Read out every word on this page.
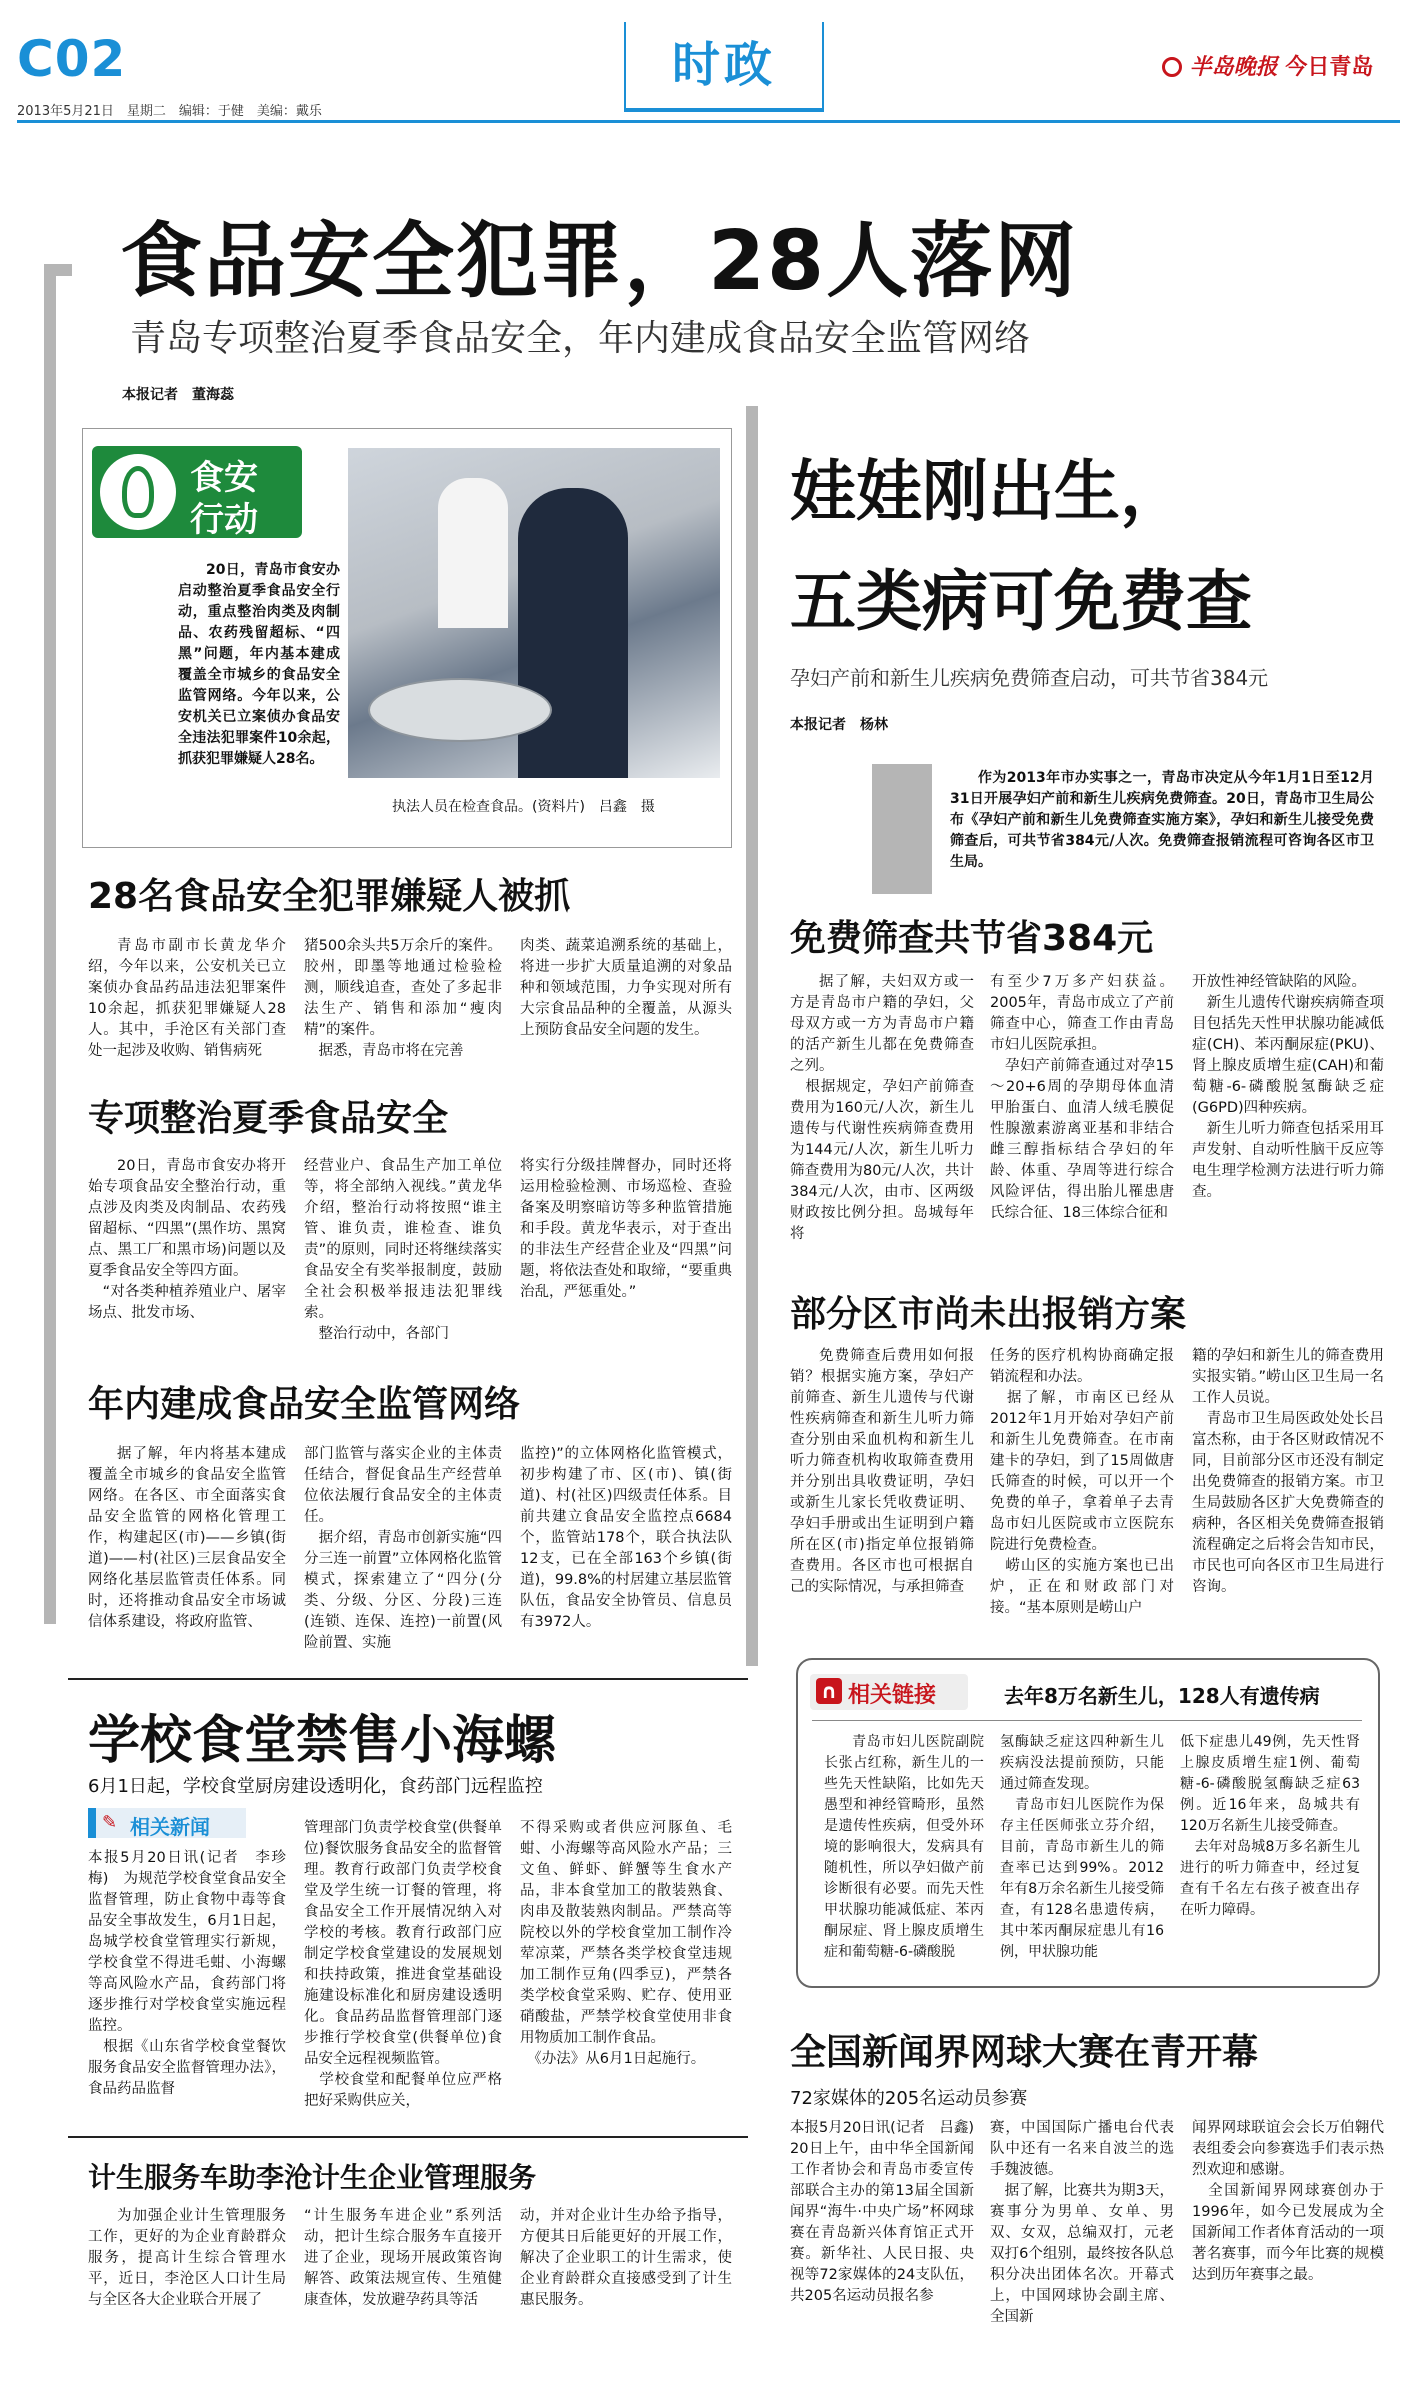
C02
2013年5月21日　星期二　编辑：于健　美编：戴乐
时政	半岛晚报 今日青岛
食品安全犯罪，28人落网
青岛专项整治夏季食品安全，年内建成食品安全监管网络
本报记者　董海蕊
食安
行动
20日，青岛市食安办启动整治夏季食品安全行动，重点整治肉类及肉制品、农药残留超标、“四黑”问题，年内基本建成覆盖全市城乡的食品安全监管网络。今年以来，公安机关已立案侦办食品安全违法犯罪案件10余起，抓获犯罪嫌疑人28名。
执法人员在检查食品。(资料片)　吕鑫　摄
28名食品安全犯罪嫌疑人被抓
青岛市副市长黄龙华介绍，今年以来，公安机关已立案侦办食品药品违法犯罪案件10余起，抓获犯罪嫌疑人28人。其中，手沧区有关部门查处一起涉及收购、销售病死
猪500余头共5万余斤的案件。胶州，即墨等地通过检验检测，顺线追查，查处了多起非法生产、销售和添加“瘦肉精”的案件。
　据悉，青岛市将在完善
肉类、蔬菜追溯系统的基础上，将进一步扩大质量追溯的对象品种和领域范围，力争实现对所有大宗食品品种的全覆盖，从源头上预防食品安全问题的发生。
专项整治夏季食品安全
20日，青岛市食安办将开始专项食品安全整治行动，重点涉及肉类及肉制品、农药残留超标、“四黑”(黑作坊、黑窝点、黑工厂和黑市场)问题以及夏季食品安全等四方面。
　“对各类种植养殖业户、屠宰场点、批发市场、
经营业户、食品生产加工单位等，将全部纳入视线。”黄龙华介绍，整治行动将按照“谁主管、谁负责，谁检查、谁负责”的原则，同时还将继续落实食品安全有奖举报制度，鼓励全社会积极举报违法犯罪线索。
　整治行动中，各部门
将实行分级挂牌督办，同时还将运用检验检测、市场巡检、查验备案及明察暗访等多种监管措施和手段。黄龙华表示，对于查出的非法生产经营企业及“四黑”问题，将依法查处和取缔，“要重典治乱，严惩重处。”
年内建成食品安全监管网络
据了解，年内将基本建成覆盖全市城乡的食品安全监管网络。在各区、市全面落实食品安全监管的网格化管理工作，构建起区(市)——乡镇(街道)——村(社区)三层食品安全网络化基层监管责任体系。同时，还将推动食品安全市场诚信体系建设，将政府监管、
部门监管与落实企业的主体责任结合，督促食品生产经营单位依法履行食品安全的主体责任。
　据介绍，青岛市创新实施“四分三连一前置”立体网格化监管模式，探索建立了“四分(分类、分级、分区、分段)三连(连锁、连保、连控)一前置(风险前置、实施
监控)”的立体网格化监管模式，初步构建了市、区(市)、镇(街道)、村(社区)四级责任体系。目前共建立食品安全监控点6684个，监管站178个，联合执法队12支，已在全部163个乡镇(街道)，99.8%的村居建立基层监管队伍，食品安全协管员、信息员有3972人。
学校食堂禁售小海螺
6月1日起，学校食堂厨房建设透明化，食药部门远程监控
✎ 相关新闻
本报5月20日讯(记者　李珍梅)　为规范学校食堂食品安全监督管理，防止食物中毒等食品安全事故发生，6月1日起，岛城学校食堂管理实行新规，学校食堂不得进毛蚶、小海螺等高风险水产品，食药部门将逐步推行对学校食堂实施远程监控。
　根据《山东省学校食堂餐饮服务食品安全监督管理办法》，食品药品监督
管理部门负责学校食堂(供餐单位)餐饮服务食品安全的监督管理。教育行政部门负责学校食堂及学生统一订餐的管理，将食品安全工作开展情况纳入对学校的考核。教育行政部门应制定学校食堂建设的发展规划和扶持政策，推进食堂基础设施建设标准化和厨房建设透明化。食品药品监督管理部门逐步推行学校食堂(供餐单位)食品安全远程视频监管。
　学校食堂和配餐单位应严格把好采购供应关，
不得采购或者供应河豚鱼、毛蚶、小海螺等高风险水产品；三文鱼、鲜虾、鲜蟹等生食水产品，非本食堂加工的散装熟食、肉串及散装熟肉制品。严禁高等院校以外的学校食堂加工制作冷荤凉菜，严禁各类学校食堂违规加工制作豆角(四季豆)，严禁各类学校食堂采购、贮存、使用亚硝酸盐，严禁学校食堂使用非食用物质加工制作食品。
　《办法》从6月1日起施行。
计生服务车助李沧计生企业管理服务
为加强企业计生管理服务工作，更好的为企业育龄群众服务，提高计生综合管理水平，近日，李沧区人口计生局与全区各大企业联合开展了
“计生服务车进企业”系列活动，把计生综合服务车直接开进了企业，现场开展政策咨询解答、政策法规宣传、生殖健康查体，发放避孕药具等活
动，并对企业计生办给予指导，方便其日后能更好的开展工作，解决了企业职工的计生需求，使企业育龄群众直接感受到了计生惠民服务。
娃娃刚出生，
五类病可免费查
孕妇产前和新生儿疾病免费筛查启动，可共节省384元
本报记者　杨林
作为2013年市办实事之一，青岛市决定从今年1月1日至12月31日开展孕妇产前和新生儿疾病免费筛查。20日，青岛市卫生局公布《孕妇产前和新生儿免费筛查实施方案》，孕妇和新生儿接受免费筛查后，可共节省384元/人次。免费筛查报销流程可咨询各区市卫生局。
免费筛查共节省384元
据了解，夫妇双方或一方是青岛市户籍的孕妇，父母双方或一方为青岛市户籍的活产新生儿都在免费筛查之列。
　根据规定，孕妇产前筛查费用为160元/人次，新生儿遗传与代谢性疾病筛查费用为144元/人次，新生儿听力筛查费用为80元/人次，共计384元/人次，由市、区两级财政按比例分担。岛城每年将
有至少7万多产妇获益。2005年，青岛市成立了产前筛查中心，筛查工作由青岛市妇儿医院承担。
　孕妇产前筛查通过对孕15～20+6周的孕期母体血清甲胎蛋白、血清人绒毛膜促性腺激素游离亚基和非结合雌三醇指标结合孕妇的年龄、体重、孕周等进行综合风险评估，得出胎儿罹患唐氏综合征、18三体综合征和
开放性神经管缺陷的风险。
　新生儿遗传代谢疾病筛查项目包括先天性甲状腺功能减低症(CH)、苯丙酮尿症(PKU)、肾上腺皮质增生症(CAH)和葡萄糖-6-磷酸脱氢酶缺乏症(G6PD)四种疾病。
　新生儿听力筛查包括采用耳声发射、自动听性脑干反应等电生理学检测方法进行听力筛查。
部分区市尚未出报销方案
免费筛查后费用如何报销？根据实施方案，孕妇产前筛查、新生儿遗传与代谢性疾病筛查和新生儿听力筛查分别由采血机构和新生儿听力筛查机构收取筛查费用并分别出具收费证明，孕妇或新生儿家长凭收费证明、孕妇手册或出生证明到户籍所在区(市)指定单位报销筛查费用。各区市也可根据自己的实际情况，与承担筛查
任务的医疗机构协商确定报销流程和办法。
　据了解，市南区已经从2012年1月开始对孕妇产前和新生儿免费筛查。在市南建卡的孕妇，到了15周做唐氏筛查的时候，可以开一个免费的单子，拿着单子去青岛市妇儿医院或市立医院东院进行免费检查。
　崂山区的实施方案也已出炉，正在和财政部门对接。“基本原则是崂山户
籍的孕妇和新生儿的筛查费用实报实销。”崂山区卫生局一名工作人员说。
　青岛市卫生局医政处处长吕富杰称，由于各区财政情况不同，目前部分区市还没有制定出免费筛查的报销方案。市卫生局鼓励各区扩大免费筛查的病种，各区相关免费筛查报销流程确定之后将会告知市民，市民也可向各区市卫生局进行咨询。
∩ 相关链接	去年8万名新生儿，128人有遗传病
青岛市妇儿医院副院长张占红称，新生儿的一些先天性缺陷，比如先天愚型和神经管畸形，虽然是遗传性疾病，但受外环境的影响很大，发病具有随机性，所以孕妇做产前诊断很有必要。而先天性甲状腺功能减低症、苯丙酮尿症、肾上腺皮质增生症和葡萄糖-6-磷酸脱
氢酶缺乏症这四种新生儿疾病没法提前预防，只能通过筛查发现。
　青岛市妇儿医院作为保存主任医师张立芬介绍，目前，青岛市新生儿的筛查率已达到99%。2012年有8万余名新生儿接受筛查，有128名患遗传病，其中苯丙酮尿症患儿有16例，甲状腺功能
低下症患儿49例，先天性肾上腺皮质增生症1例、葡萄糖-6-磷酸脱氢酶缺乏症63例。近16年来，岛城共有120万名新生儿接受筛查。
　去年对岛城8万多名新生儿进行的听力筛查中，经过复查有千名左右孩子被查出存在听力障碍。
全国新闻界网球大赛在青开幕
72家媒体的205名运动员参赛
本报5月20日讯(记者　吕鑫)　20日上午，由中华全国新闻工作者协会和青岛市委宣传部联合主办的第13届全国新闻界“海牛·中央广场”杯网球赛在青岛新兴体育馆正式开赛。新华社、人民日报、央视等72家媒体的24支队伍，共205名运动员报名参
赛，中国国际广播电台代表队中还有一名来自波兰的选手魏波德。
　据了解，比赛共为期3天，赛事分为男单、女单、男双、女双，总编双打，元老双打6个组别，最终按各队总积分决出团体名次。开幕式上，中国网球协会副主席、全国新
闻界网球联谊会会长万伯翱代表组委会向参赛选手们表示热烈欢迎和感谢。
　全国新闻界网球赛创办于1996年，如今已发展成为全国新闻工作者体育活动的一项著名赛事，而今年比赛的规模达到历年赛事之最。
